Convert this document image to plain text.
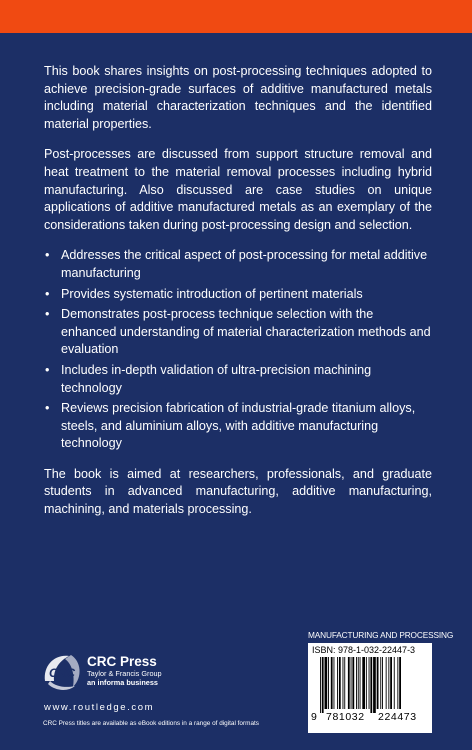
This book shares insights on post-processing techniques adopted to achieve precision-grade surfaces of additive manufactured metals including material characterization techniques and the identified material properties.

Post-processes are discussed from support structure removal and heat treatment to the material removal processes including hybrid manufacturing. Also discussed are case studies on unique applications of additive manufactured metals as an exemplary of the considerations taken during post-processing design and selection.

• Addresses the critical aspect of post-processing for metal additive manufacturing
• Provides systematic introduction of pertinent materials
• Demonstrates post-process technique selection with the enhanced understanding of material characterization methods and evaluation
• Includes in-depth validation of ultra-precision machining technology
• Reviews precision fabrication of industrial-grade titanium alloys, steels, and aluminium alloys, with additive manufacturing technology

The book is aimed at researchers, professionals, and graduate students in advanced manufacturing, additive manufacturing, machining, and materials processing.

CRC
CRC Press
Taylor & Francis Group
an informa business
www.routledge.com
CRC Press titles are available as eBook editions in a range of digital formats
MANUFACTURING AND PROCESSING
ISBN: 978-1-032-22447-3
9 781032 224473
